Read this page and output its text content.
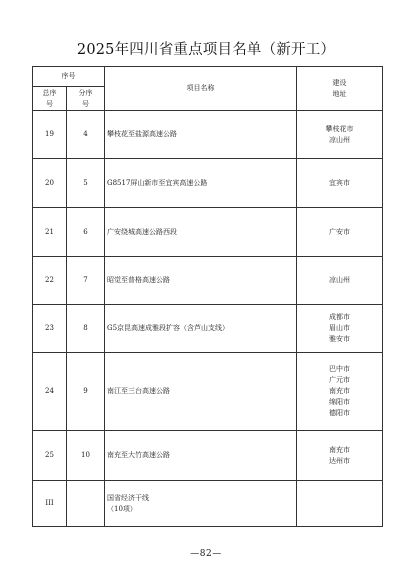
2025年四川省重点项目名单（新开工）
序号		项目名称	建设地址
总序号	分序号		
19	4	攀枝花至盐源高速公路	攀枝花市
凉山州
20	5	G8517屏山新市至宜宾高速公路	宜宾市
21	6	广安绕城高速公路西段	广安市
22	7	昭觉至普格高速公路	凉山州
23	8	G5京昆高速成雅段扩容（含芦山支线）	成都市
眉山市
雅安市
24	9	南江至三台高速公路	巴中市
广元市
南充市
绵阳市
德阳市
25	10	南充至大竹高速公路	南充市
达州市
III		国省经济干线
（10项）	
—82—
